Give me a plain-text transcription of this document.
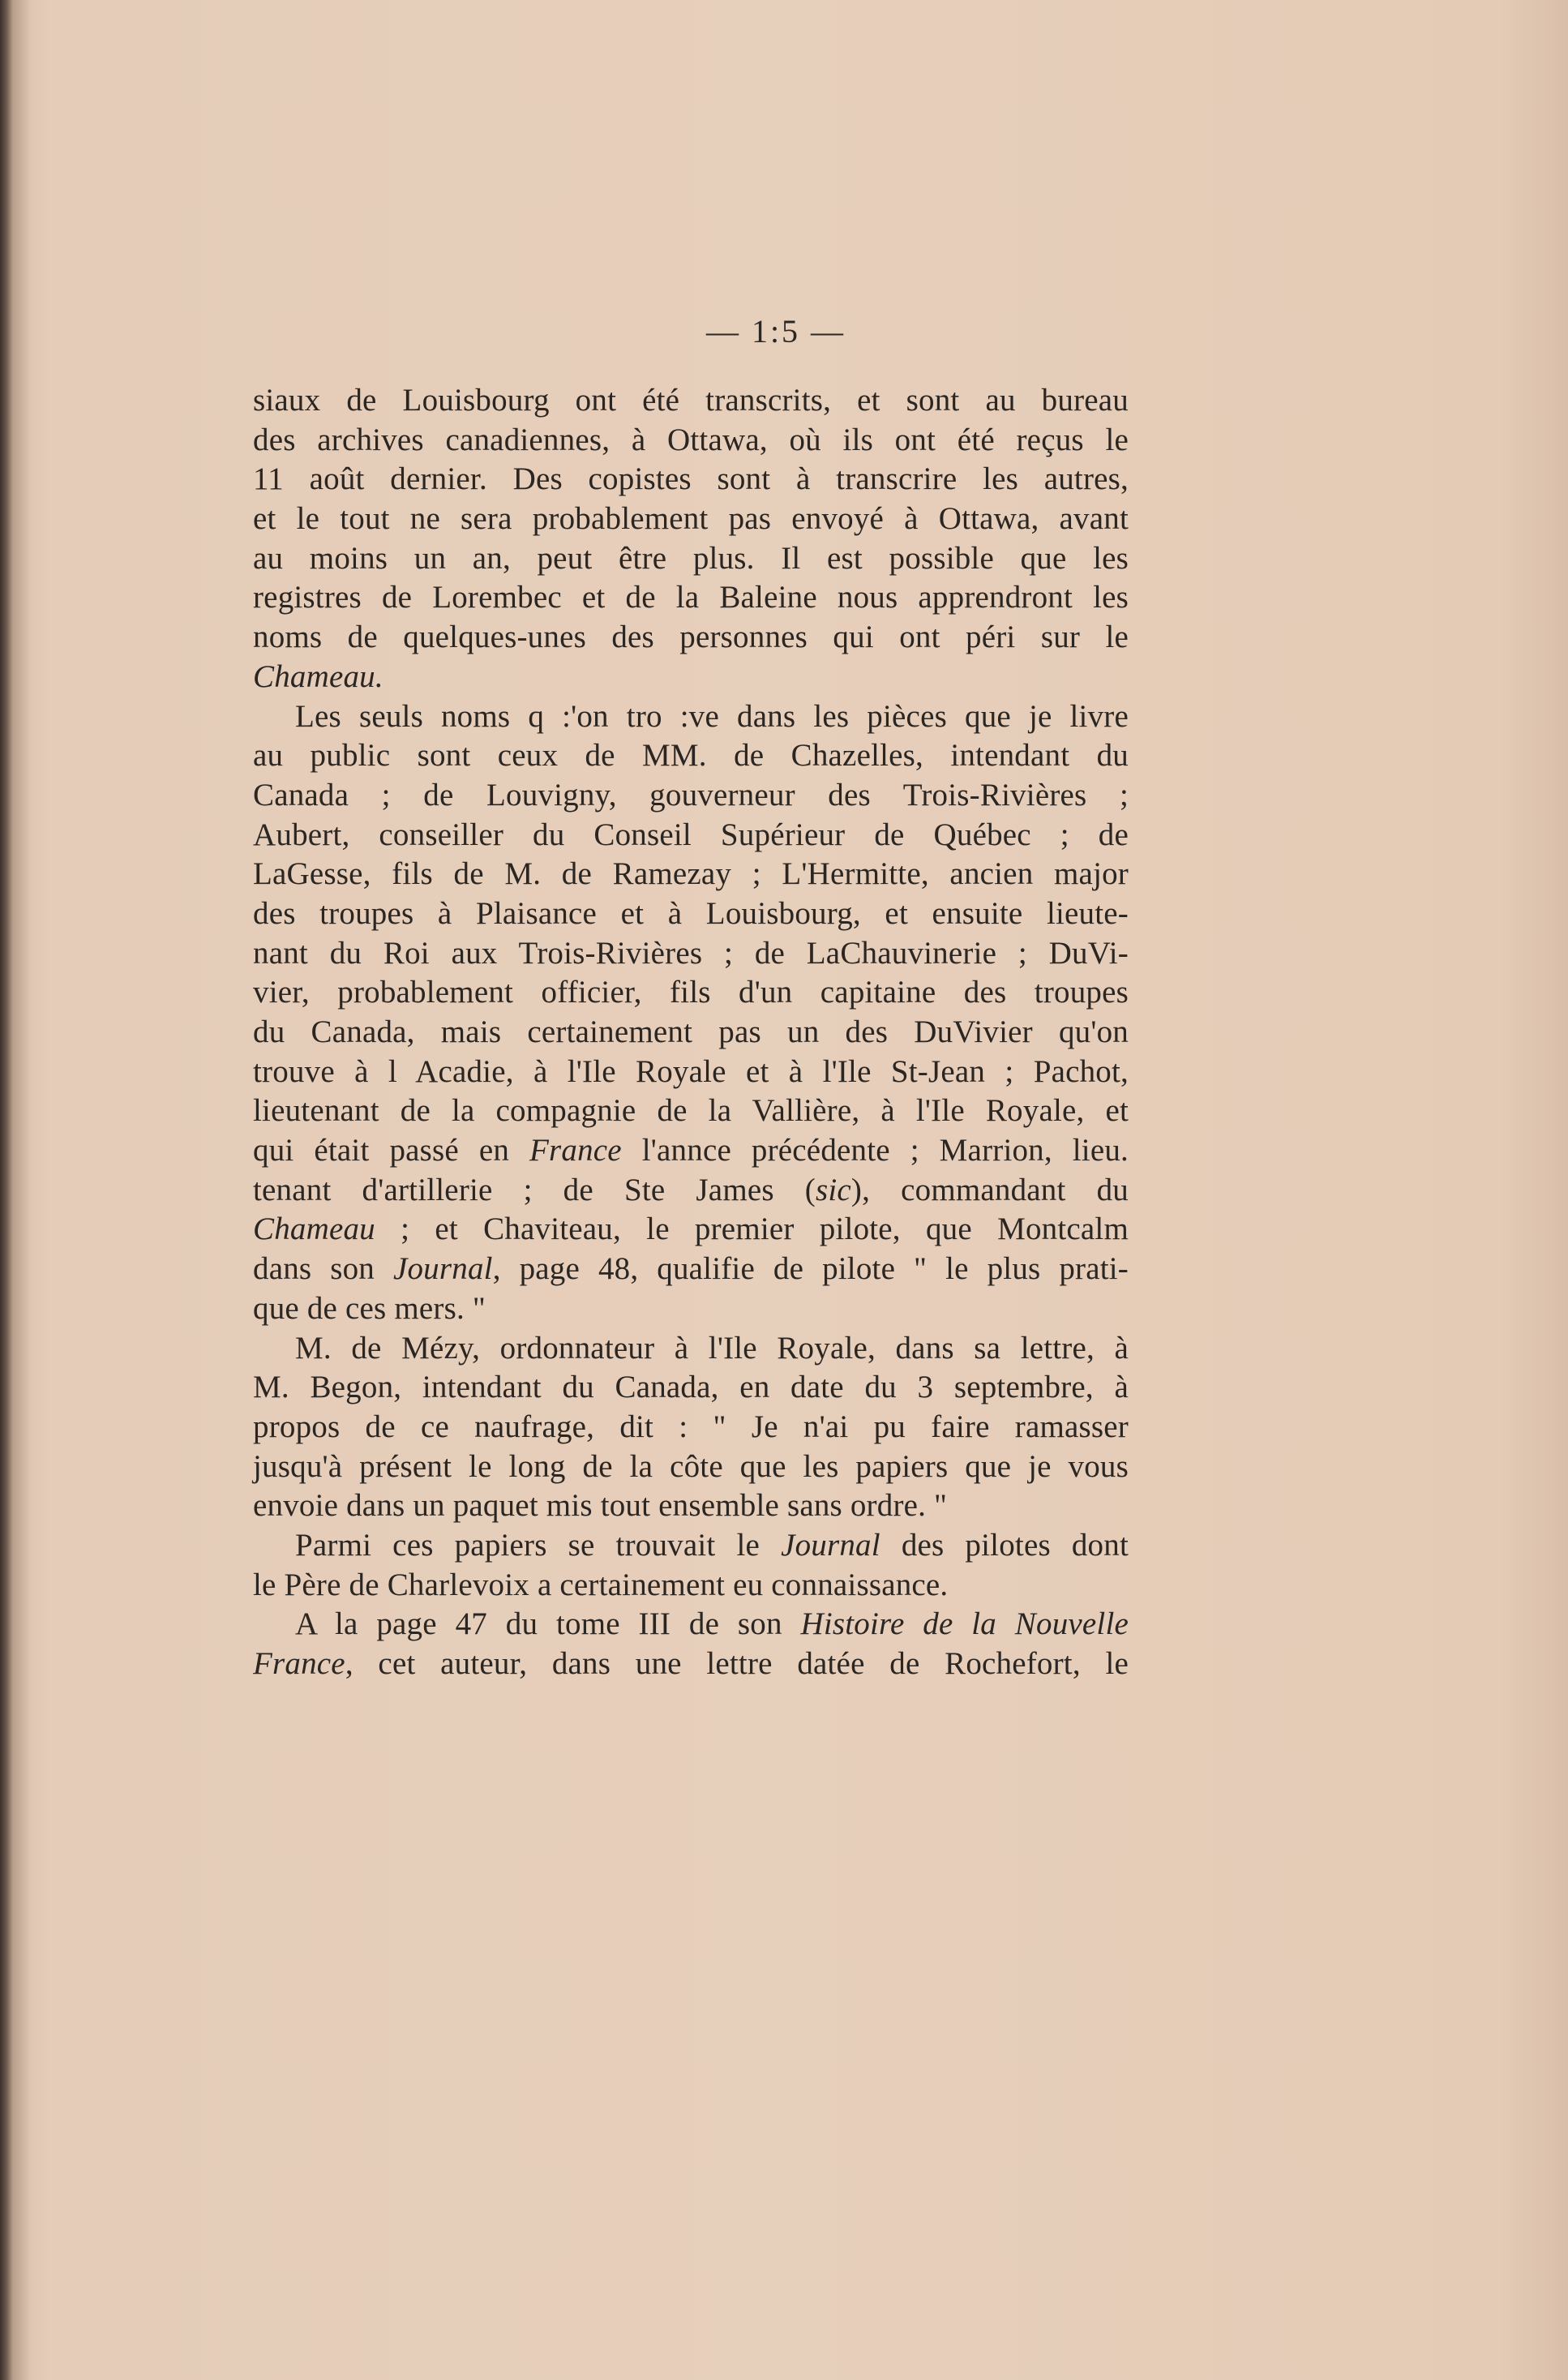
— 1:5 —
siaux de Louisbourg ont été transcrits, et sont au bureau
des archives canadiennes, à Ottawa, où ils ont été reçus le
11 août dernier. Des copistes sont à transcrire les autres,
et le tout ne sera probablement pas envoyé à Ottawa, avant
au moins un an, peut être plus. Il est possible que les
registres de Lorembec et de la Baleine nous apprendront les
noms de quelques-unes des personnes qui ont péri sur le
Chameau.
Les seuls noms q :'on tro :ve dans les pièces que je livre
au public sont ceux de MM. de Chazelles, intendant du
Canada ; de Louvigny, gouverneur des Trois-Rivières ;
Aubert, conseiller du Conseil Supérieur de Québec ; de
LaGesse, fils de M. de Ramezay ; L'Hermitte, ancien major
des troupes à Plaisance et à Louisbourg, et ensuite lieute-
nant du Roi aux Trois-Rivières ; de LaChauvinerie ; DuVi-
vier, probablement officier, fils d'un capitaine des troupes
du Canada, mais certainement pas un des DuVivier qu'on
trouve à l Acadie, à l'Ile Royale et à l'Ile St-Jean ; Pachot,
lieutenant de la compagnie de la Vallière, à l'Ile Royale, et
qui était passé en France l'annce précédente ; Marrion, lieu.
tenant d'artillerie ; de Ste James (sic), commandant du
Chameau ; et Chaviteau, le premier pilote, que Montcalm
dans son Journal, page 48, qualifie de pilote " le plus prati-
que de ces mers. "
M. de Mézy, ordonnateur à l'Ile Royale, dans sa lettre, à
M. Begon, intendant du Canada, en date du 3 septembre, à
propos de ce naufrage, dit : " Je n'ai pu faire ramasser
jusqu'à présent le long de la côte que les papiers que je vous
envoie dans un paquet mis tout ensemble sans ordre. "
Parmi ces papiers se trouvait le Journal des pilotes dont
le Père de Charlevoix a certainement eu connaissance.
A la page 47 du tome III de son Histoire de la Nouvelle
France, cet auteur, dans une lettre datée de Rochefort, le
